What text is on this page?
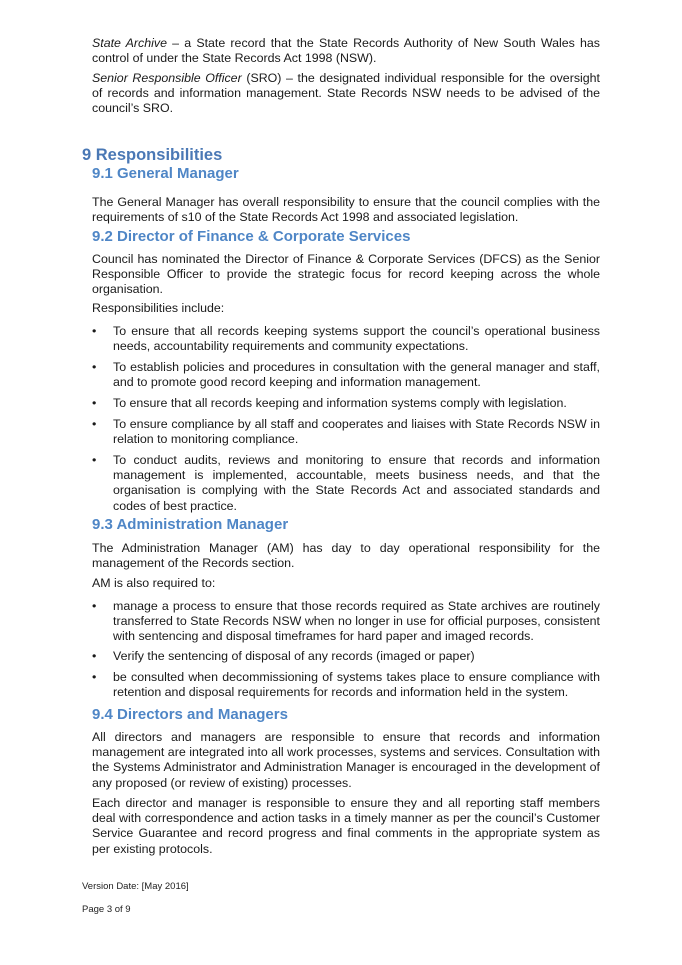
State Archive – a State record that the State Records Authority of New South Wales has control of under the State Records Act 1998 (NSW).

Senior Responsible Officer (SRO) – the designated individual responsible for the oversight of records and information management. State Records NSW needs to be advised of the council’s SRO.

9 Responsibilities
9.1 General Manager

The General Manager has overall responsibility to ensure that the council complies with the requirements of s10 of the State Records Act 1998 and associated legislation.

9.2 Director of Finance & Corporate Services

Council has nominated the Director of Finance & Corporate Services (DFCS) as the Senior Responsible Officer to provide the strategic focus for record keeping across the whole organisation.

Responsibilities include:

•	To ensure that all records keeping systems support the council’s operational business needs, accountability requirements and community expectations.
•	To establish policies and procedures in consultation with the general manager and staff, and to promote good record keeping and information management.
•	To ensure that all records keeping and information systems comply with legislation.
•	To ensure compliance by all staff and cooperates and liaises with State Records NSW in relation to monitoring compliance.
•	To conduct audits, reviews and monitoring to ensure that records and information management is implemented, accountable, meets business needs, and that the organisation is complying with the State Records Act and associated standards and codes of best practice.
9.3 Administration Manager

The Administration Manager (AM) has day to day operational responsibility for the management of the Records section.

AM is also required to:

•	manage a process to ensure that those records required as State archives are routinely transferred to State Records NSW when no longer in use for official purposes, consistent with sentencing and disposal timeframes for hard paper and imaged records.
•	Verify the sentencing of disposal of any records (imaged or paper)
•	be consulted when decommissioning of systems takes place to ensure compliance with retention and disposal requirements for records and information held in the system.
9.4 Directors and Managers

All directors and managers are responsible to ensure that records and information management are integrated into all work processes, systems and services. Consultation with the Systems Administrator and Administration Manager is encouraged in the development of any proposed (or review of existing) processes.

Each director and manager is responsible to ensure they and all reporting staff members deal with correspondence and action tasks in a timely manner as per the council’s Customer Service Guarantee and record progress and final comments in the appropriate system as per existing protocols.

Version Date: [May 2016]
Page 3 of 9
